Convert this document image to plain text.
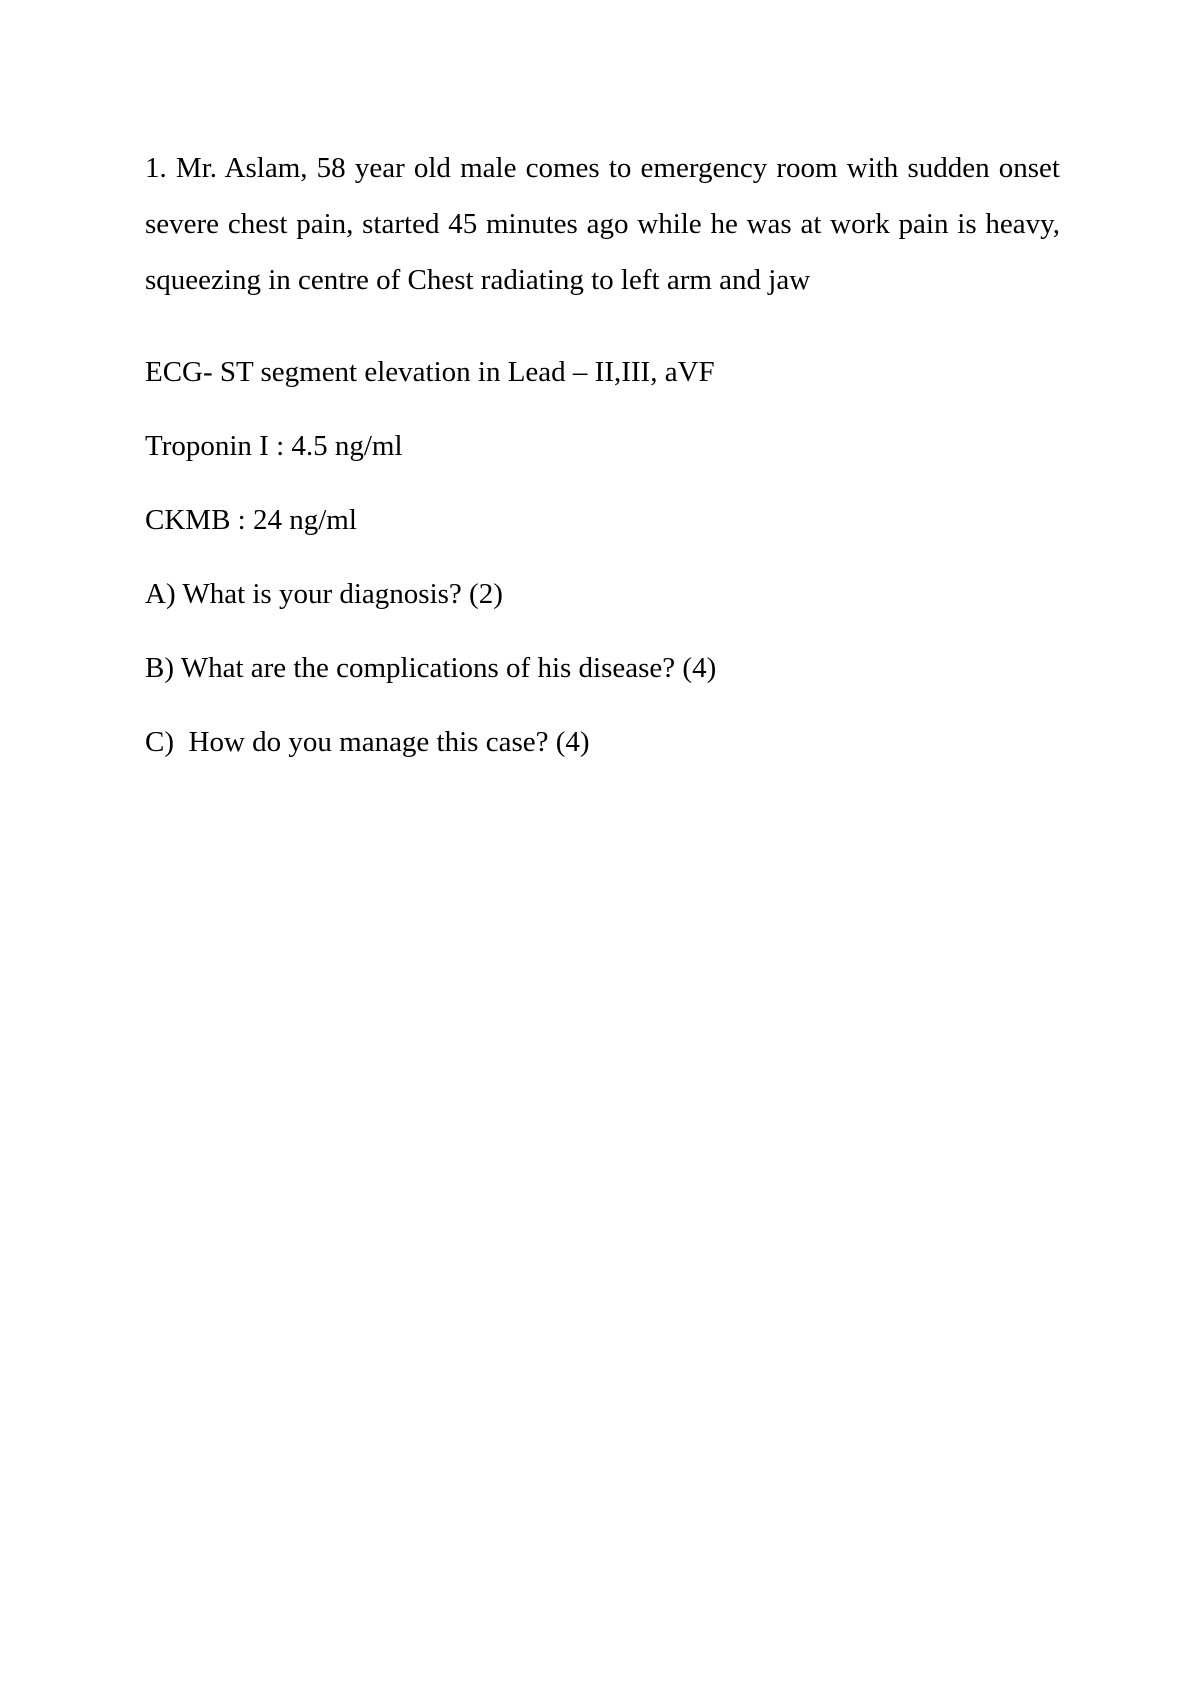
1. Mr. Aslam, 58 year old male comes to emergency room with sudden onset severe chest pain, started 45 minutes ago while he was at work pain is heavy, squeezing in centre of Chest radiating to left arm and jaw

ECG- ST segment elevation in Lead – II,III, aVF

Troponin I : 4.5 ng/ml

CKMB : 24 ng/ml

A) What is your diagnosis? (2)

B) What are the complications of his disease? (4)

C)  How do you manage this case? (4)
